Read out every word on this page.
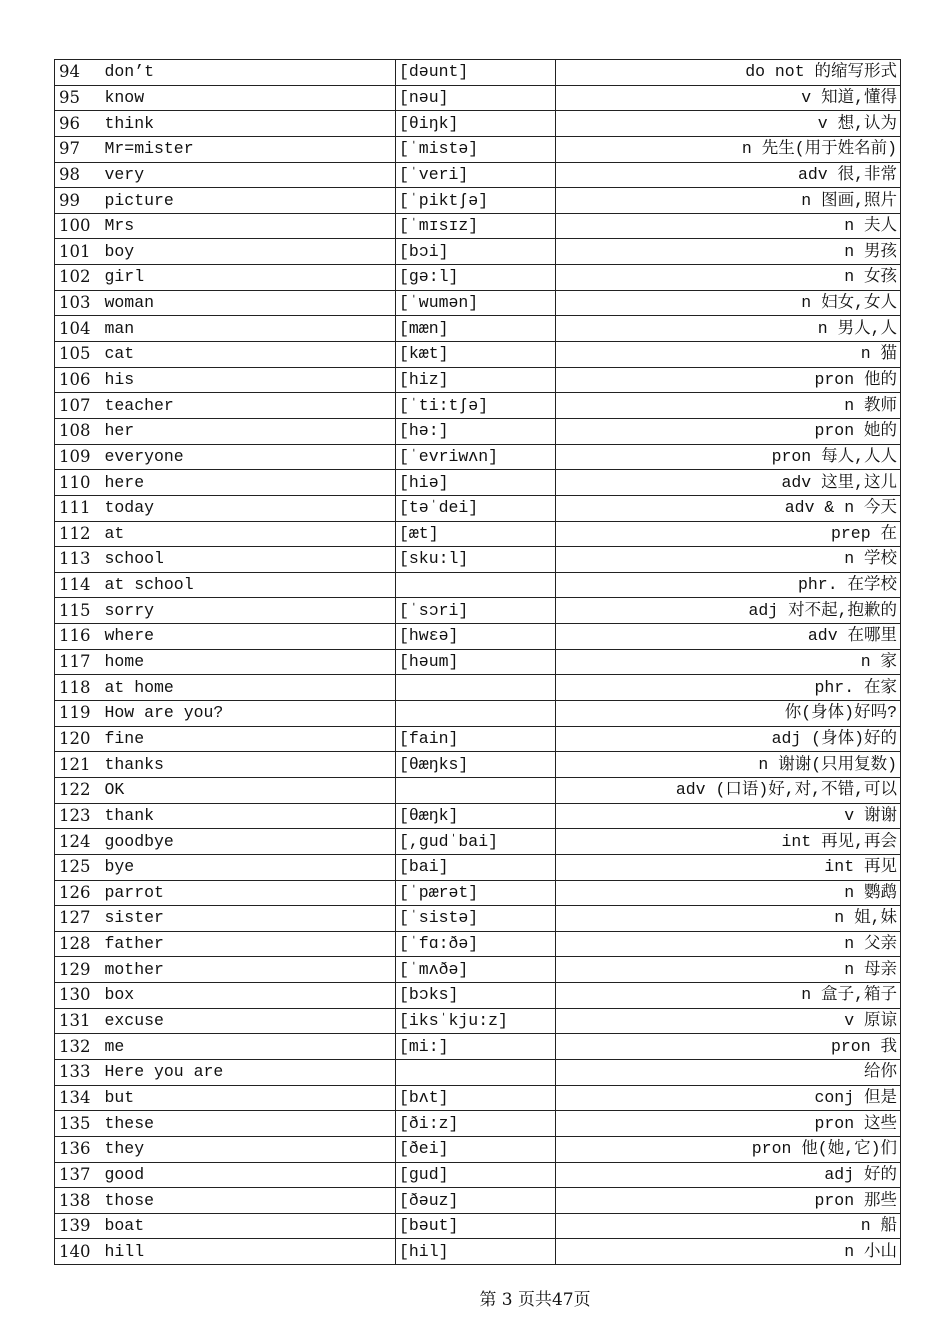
94	don’t	[dəunt]	do not 的缩写形式
95	know	[nəu]	v 知道,懂得
96	think	[θiŋk]	v 想,认为
97	Mr=mister	[ˈmistə]	n 先生(用于姓名前)
98	very	[ˈveri]	adv 很,非常
99	picture	[ˈpiktʃə]	n 图画,照片
100	Mrs	[ˈmɪsɪz]	n 夫人
101	boy	[bɔi]	n 男孩
102	girl	[gə:l]	n 女孩
103	woman	[ˈwumən]	n 妇女,女人
104	man	[mæn]	n 男人,人
105	cat	[kæt]	n 猫
106	his	[hiz]	pron 他的
107	teacher	[ˈti:tʃə]	n 教师
108	her	[hə:]	pron 她的
109	everyone	[ˈevriwʌn]	pron 每人,人人
110	here	[hiə]	adv 这里,这儿
111	today	[təˈdei]	adv & n 今天
112	at	[æt]	prep 在
113	school	[sku:l]	n 学校
114	at school		phr. 在学校
115	sorry	[ˈsɔri]	adj 对不起,抱歉的
116	where	[hwɛə]	adv 在哪里
117	home	[həum]	n 家
118	at home		phr. 在家
119	How are you?		你(身体)好吗?
120	fine	[fain]	adj (身体)好的
121	thanks	[θæŋks]	n 谢谢(只用复数)
122	OK		adv (口语)好,对,不错,可以
123	thank	[θæŋk]	v 谢谢
124	goodbye	[,gudˈbai]	int 再见,再会
125	bye	[bai]	int 再见
126	parrot	[ˈpærət]	n 鹦鹉
127	sister	[ˈsistə]	n 姐,妹
128	father	[ˈfɑ:ðə]	n 父亲
129	mother	[ˈmʌðə]	n 母亲
130	box	[bɔks]	n 盒子,箱子
131	excuse	[iksˈkju:z]	v 原谅
132	me	[mi:]	pron 我
133	Here you are		给你
134	but	[bʌt]	conj 但是
135	these	[ði:z]	pron 这些
136	they	[ðei]	pron 他(她,它)们
137	good	[gud]	adj 好的
138	those	[ðəuz]	pron 那些
139	boat	[bəut]	n 船
140	hill	[hil]	n 小山
第 3 页共47页
